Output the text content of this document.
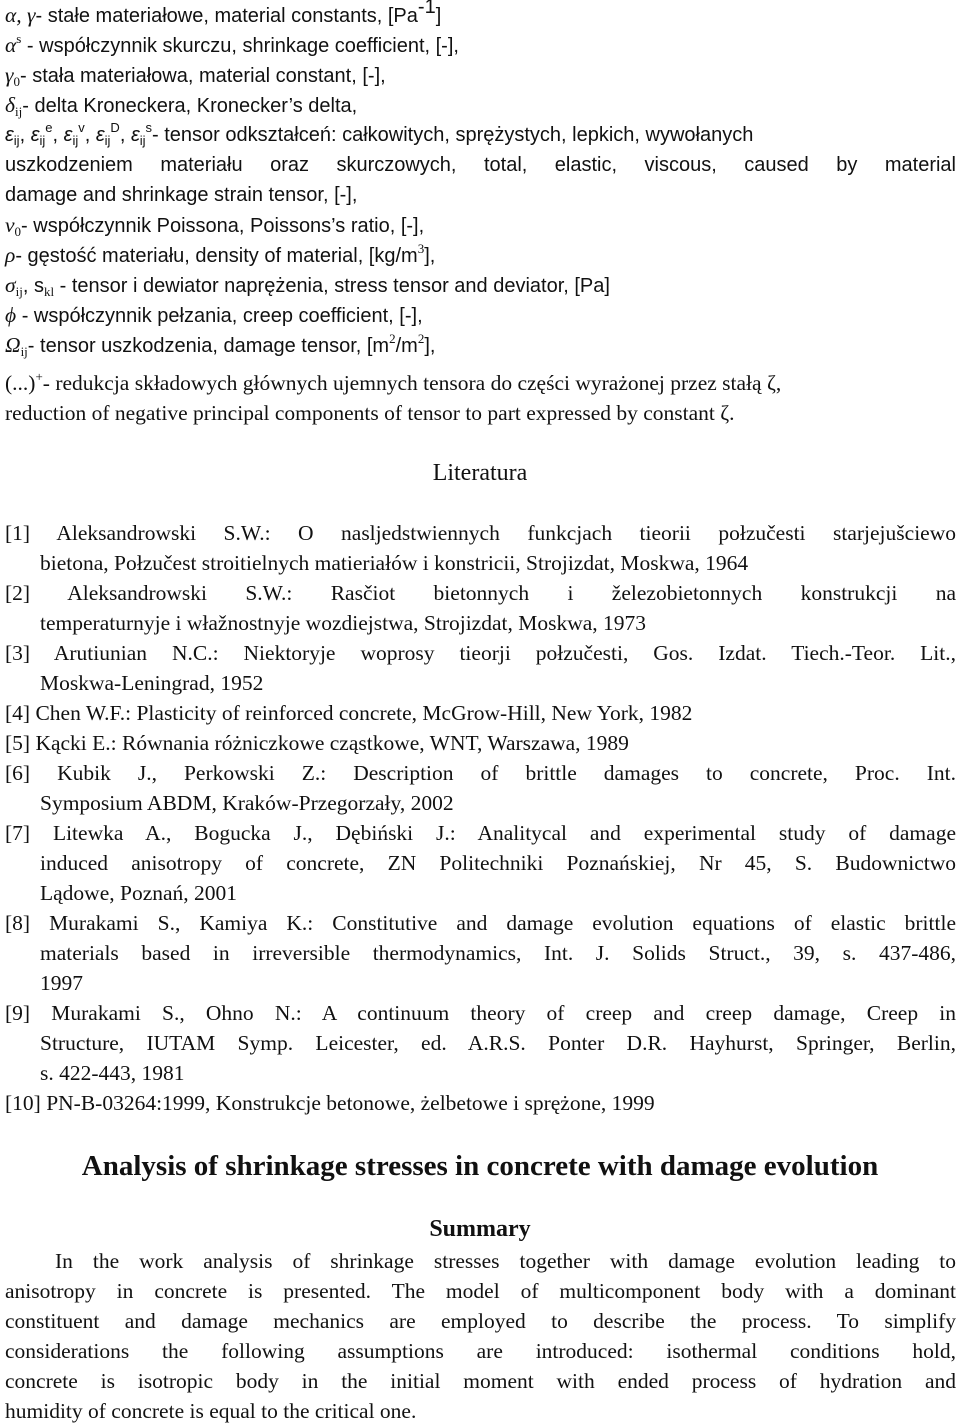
α, γ- stałe materiałowe, material constants, $[Pa^{-1}]$
$\alpha^s$ - współczynnik skurczu, shrinkage coefficient, [-],
$\gamma_0-$ stała materiałowa, material constant, [-],
$\delta_{ij}-$ delta Kroneckera, Kronecker’s delta,
$\varepsilon_{ij}$, $\varepsilon_{ij}^e$, $\varepsilon_{ij}^v$, $\varepsilon_{ij}^D$, $\varepsilon_{ij}^s-$ tensor odkształceń: całkowitych, sprężystych, lepkich, wywołanych
uszkodzeniem materiału oraz skurczowych, total, elastic, viscous, caused by material
damage and shrinkage strain tensor, [-],
$\nu_0-$ współczynnik Poissona, Poissons’s ratio, [-],
ρ- gęstość materiału, density of material, $[kg/m^3]$,
$\sigma_{ij}$, $s_{kl}$ - tensor i dewiator naprężenia, stress tensor and deviator, [Pa]
ϕ - współczynnik pełzania, creep coefficient, [-],
$\Omega_{ij}-$ tensor uszkodzenia, damage tensor, $[m^2/m^2]$,
(...)+- redukcja składowych głównych ujemnych tensora do części wyrażonej przez stałą ζ,
reduction of negative principal components of tensor to part expressed by constant ζ.
Literatura
[1] Aleksandrowski S.W.: O nasljedstwiennych funkcjach tieorii połzučesti starjejušciewo
bietona, Połzučest stroitielnych matieriałów i konstricii, Strojizdat, Moskwa, 1964
[2] Aleksandrowski S.W.: Rasčiot bietonnych i železobietonnych konstrukcji na
temperaturnyje i włažnostnyje wozdiejstwa, Strojizdat, Moskwa, 1973
[3] Arutiunian N.C.: Niektoryje woprosy tieorji połzučesti, Gos. Izdat. Tiech.-Teor. Lit.,
Moskwa-Leningrad, 1952
[4] Chen W.F.: Plasticity of reinforced concrete, McGrow-Hill, New York, 1982
[5] Kącki E.: Równania różniczkowe cząstkowe, WNT, Warszawa, 1989
[6] Kubik J., Perkowski Z.: Description of brittle damages to concrete, Proc. Int.
Symposium ABDM, Kraków-Przegorzały, 2002
[7] Litewka A., Bogucka J., Dębiński J.: Analitycal and experimental study of damage
induced anisotropy of concrete, ZN Politechniki Poznańskiej, Nr 45, S. Budownictwo
Lądowe, Poznań, 2001
[8] Murakami S., Kamiya K.: Constitutive and damage evolution equations of elastic brittle
materials based in irreversible thermodynamics, Int. J. Solids Struct., 39, s. 437-486,
1997
[9] Murakami S., Ohno N.: A continuum theory of creep and creep damage, Creep in
Structure, IUTAM Symp. Leicester, ed. A.R.S. Ponter D.R. Hayhurst, Springer, Berlin,
s. 422-443, 1981
[10] PN-B-03264:1999, Konstrukcje betonowe, żelbetowe i sprężone, 1999
Analysis of shrinkage stresses in concrete with damage evolution
Summary
In the work analysis of shrinkage stresses together with damage evolution leading to
anisotropy in concrete is presented. The model of multicomponent body with a dominant
constituent and damage mechanics are employed to describe the process. To simplify
considerations the following assumptions are introduced: isothermal conditions hold,
concrete is isotropic body in the initial moment with ended process of hydration and
humidity of concrete is equal to the critical one.
